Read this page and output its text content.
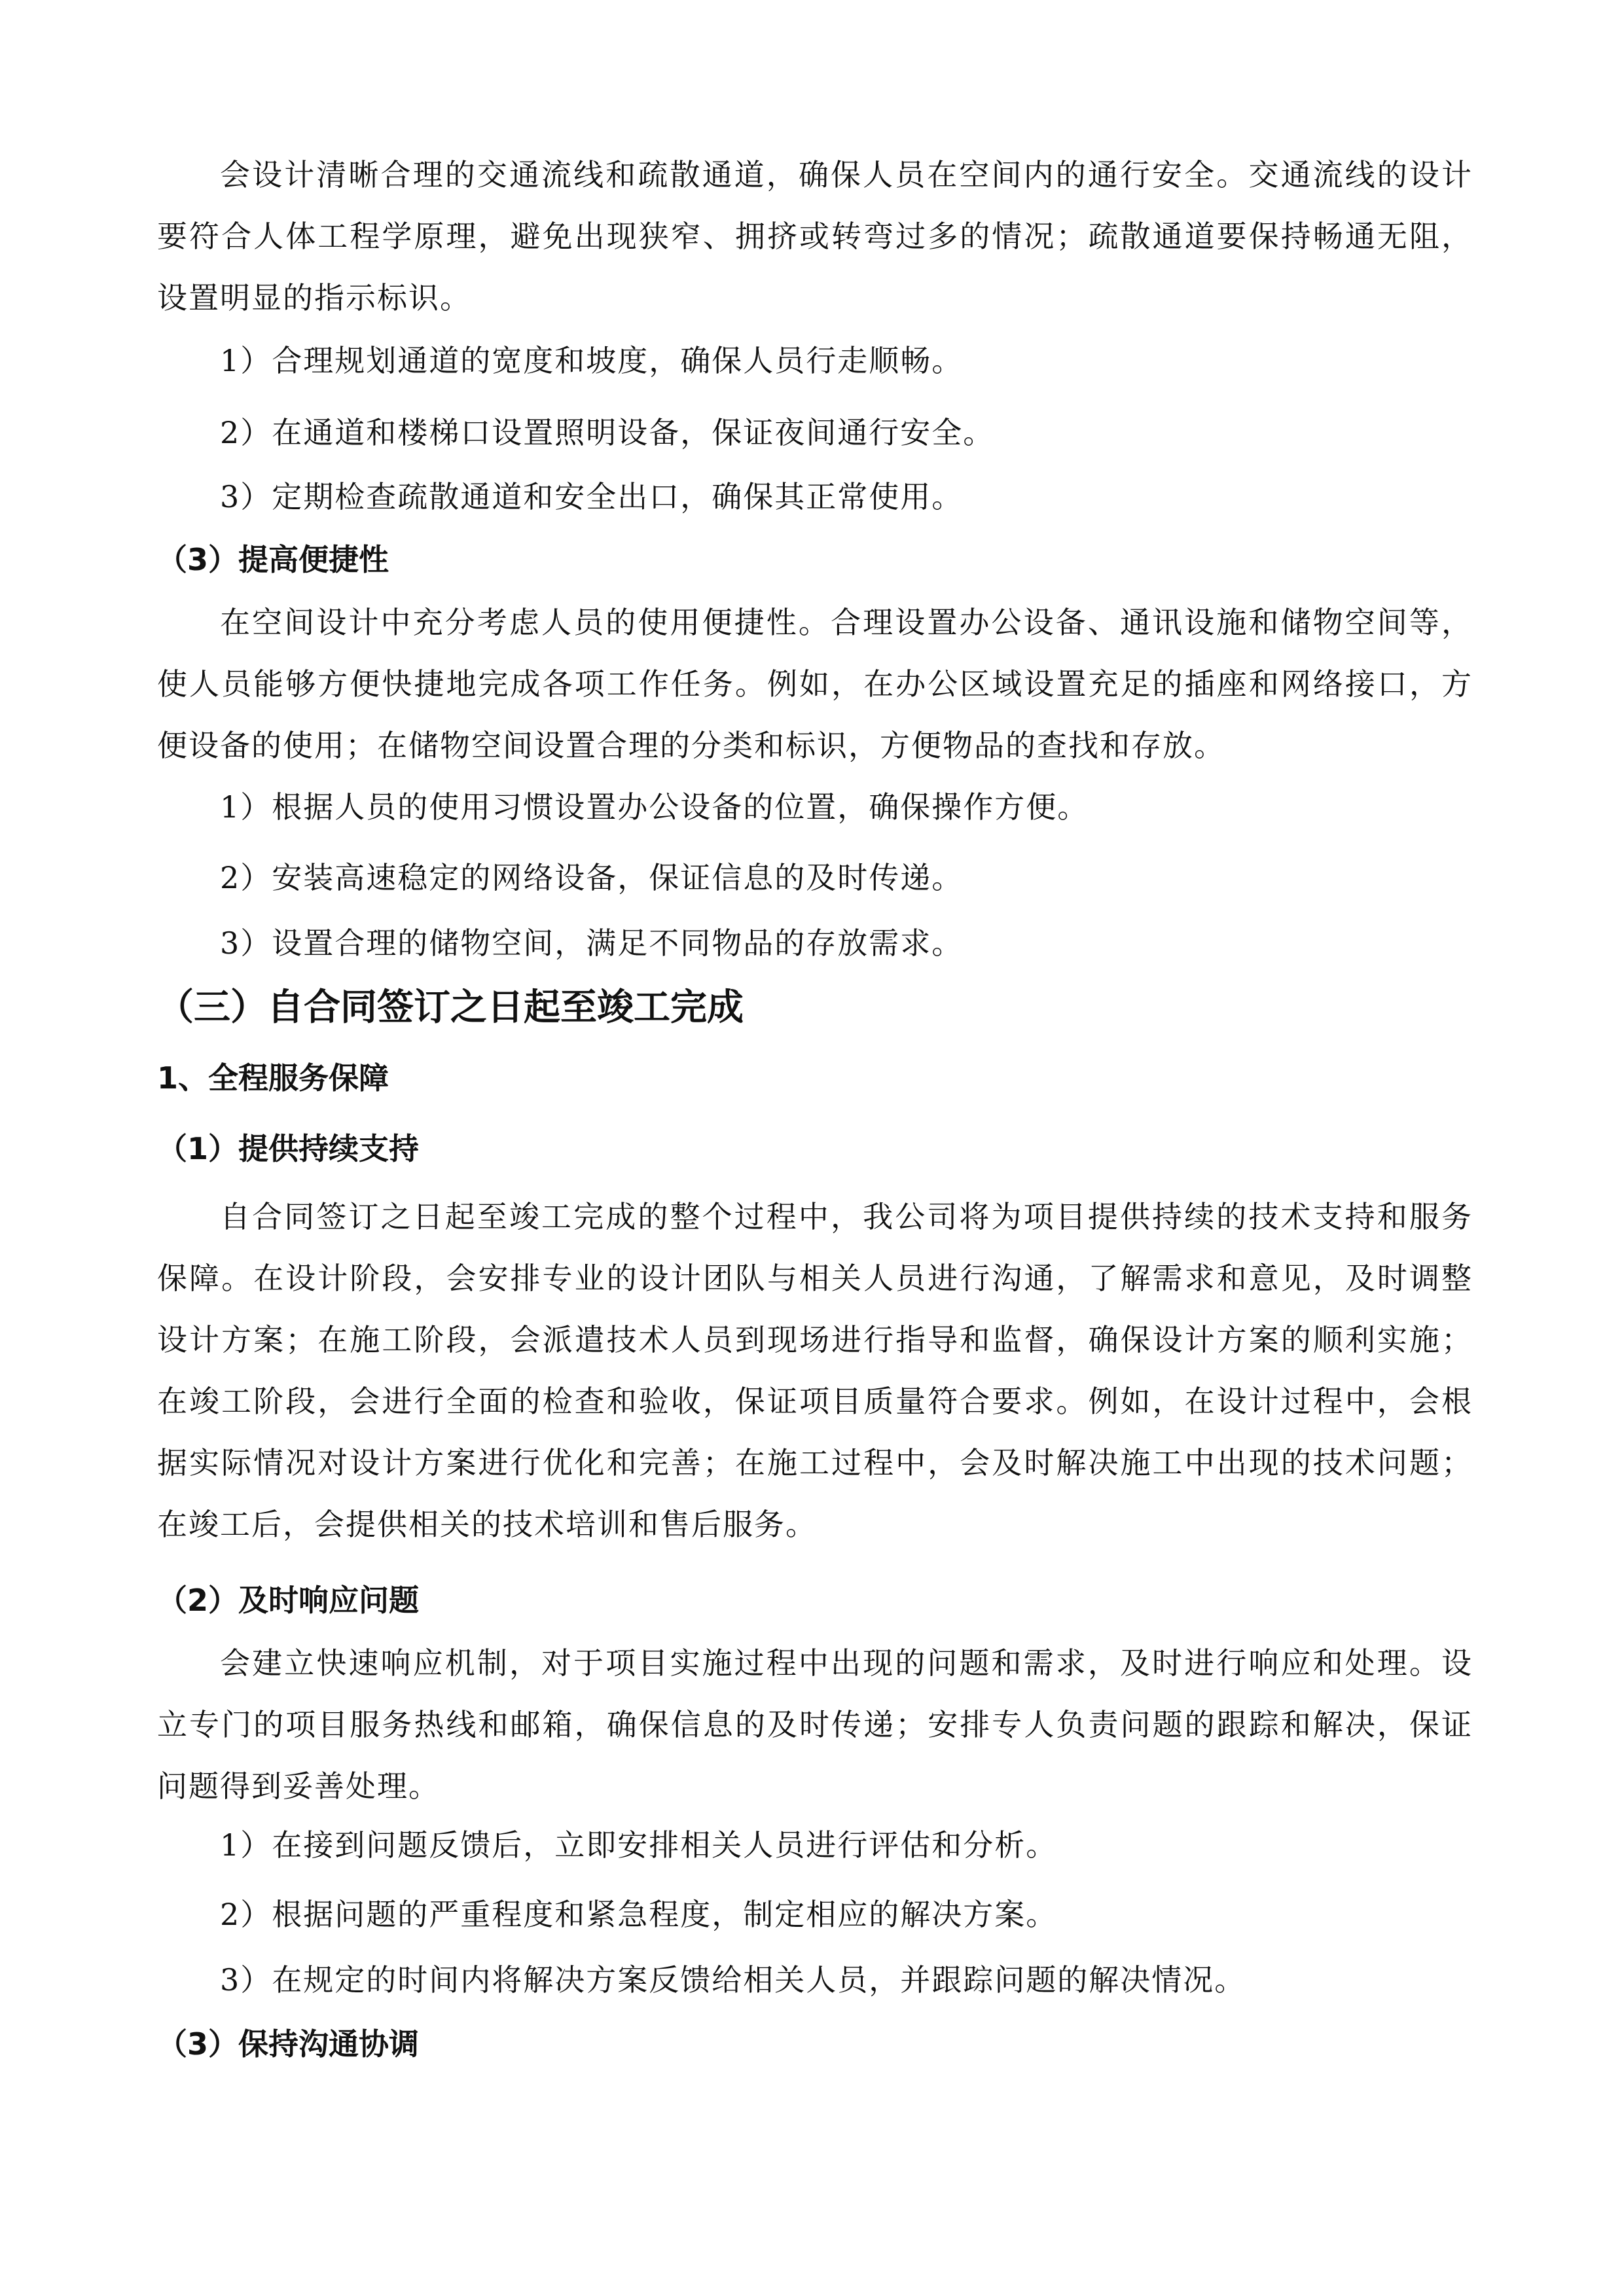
会设计清晰合理的交通流线和疏散通道，确保人员在空间内的通行安全。交通流线的设计要符合人体工程学原理，避免出现狭窄、拥挤或转弯过多的情况；疏散通道要保持畅通无阻，设置明显的指示标识。

1）合理规划通道的宽度和坡度，确保人员行走顺畅。
2）在通道和楼梯口设置照明设备，保证夜间通行安全。
3）定期检查疏散通道和安全出口，确保其正常使用。
（3）提高便捷性

在空间设计中充分考虑人员的使用便捷性。合理设置办公设备、通讯设施和储物空间等，使人员能够方便快捷地完成各项工作任务。例如，在办公区域设置充足的插座和网络接口，方便设备的使用；在储物空间设置合理的分类和标识，方便物品的查找和存放。

1）根据人员的使用习惯设置办公设备的位置，确保操作方便。
2）安装高速稳定的网络设备，保证信息的及时传递。
3）设置合理的储物空间，满足不同物品的存放需求。
（三）自合同签订之日起至竣工完成
1、全程服务保障
（1）提供持续支持

自合同签订之日起至竣工完成的整个过程中，我公司将为项目提供持续的技术支持和服务保障。在设计阶段，会安排专业的设计团队与相关人员进行沟通，了解需求和意见，及时调整设计方案；在施工阶段，会派遣技术人员到现场进行指导和监督，确保设计方案的顺利实施；在竣工阶段，会进行全面的检查和验收，保证项目质量符合要求。例如，在设计过程中，会根据实际情况对设计方案进行优化和完善；在施工过程中，会及时解决施工中出现的技术问题；在竣工后，会提供相关的技术培训和售后服务。

（2）及时响应问题

会建立快速响应机制，对于项目实施过程中出现的问题和需求，及时进行响应和处理。设立专门的项目服务热线和邮箱，确保信息的及时传递；安排专人负责问题的跟踪和解决，保证问题得到妥善处理。

1）在接到问题反馈后，立即安排相关人员进行评估和分析。
2）根据问题的严重程度和紧急程度，制定相应的解决方案。
3）在规定的时间内将解决方案反馈给相关人员，并跟踪问题的解决情况。
（3）保持沟通协调
